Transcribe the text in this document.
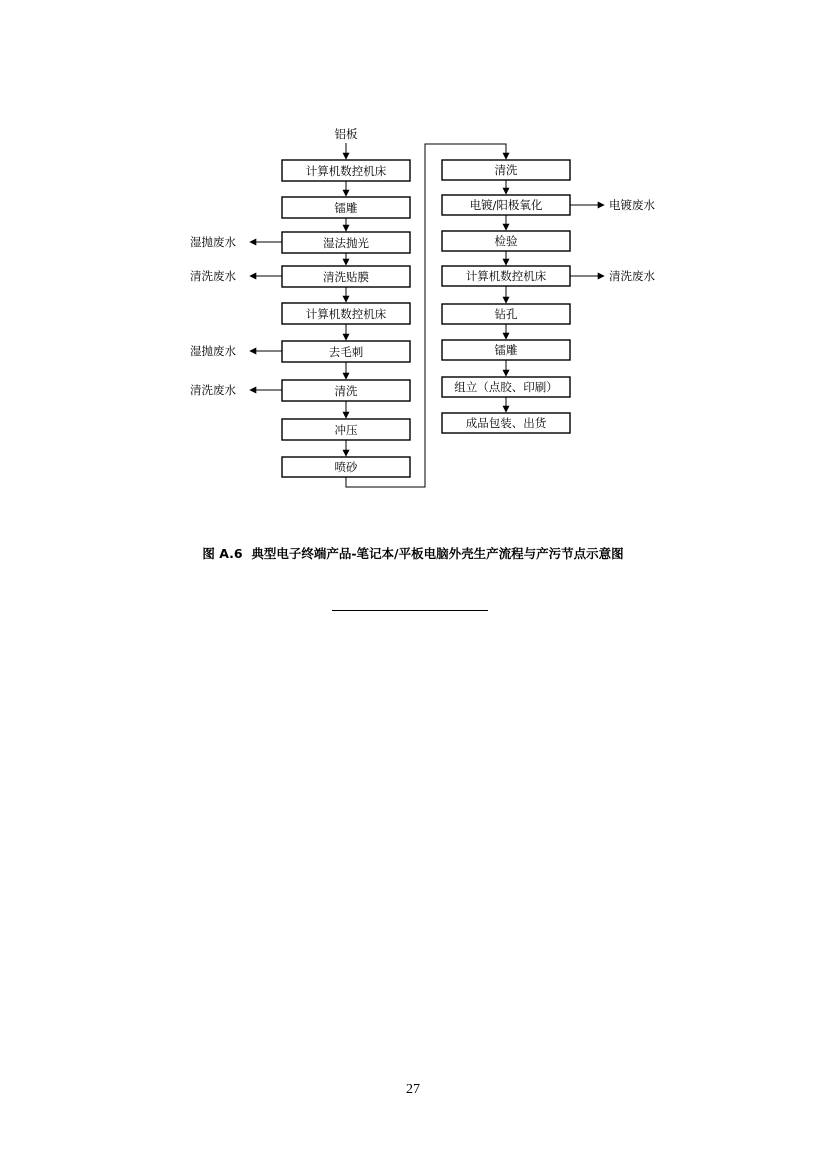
铝板
计算机数控机床
镭雕
湿法抛光
清洗贴膜
计算机数控机床
去毛刺
清洗
冲压
喷砂
湿抛废水
清洗废水
湿抛废水
清洗废水
清洗
电镀/阳极氧化
检验
计算机数控机床
钻孔
镭雕
组立（点胶、印刷）
成品包装、出货
电镀废水
清洗废水
图 A.6  典型电子终端产品-笔记本/平板电脑外壳生产流程与产污节点示意图
27
